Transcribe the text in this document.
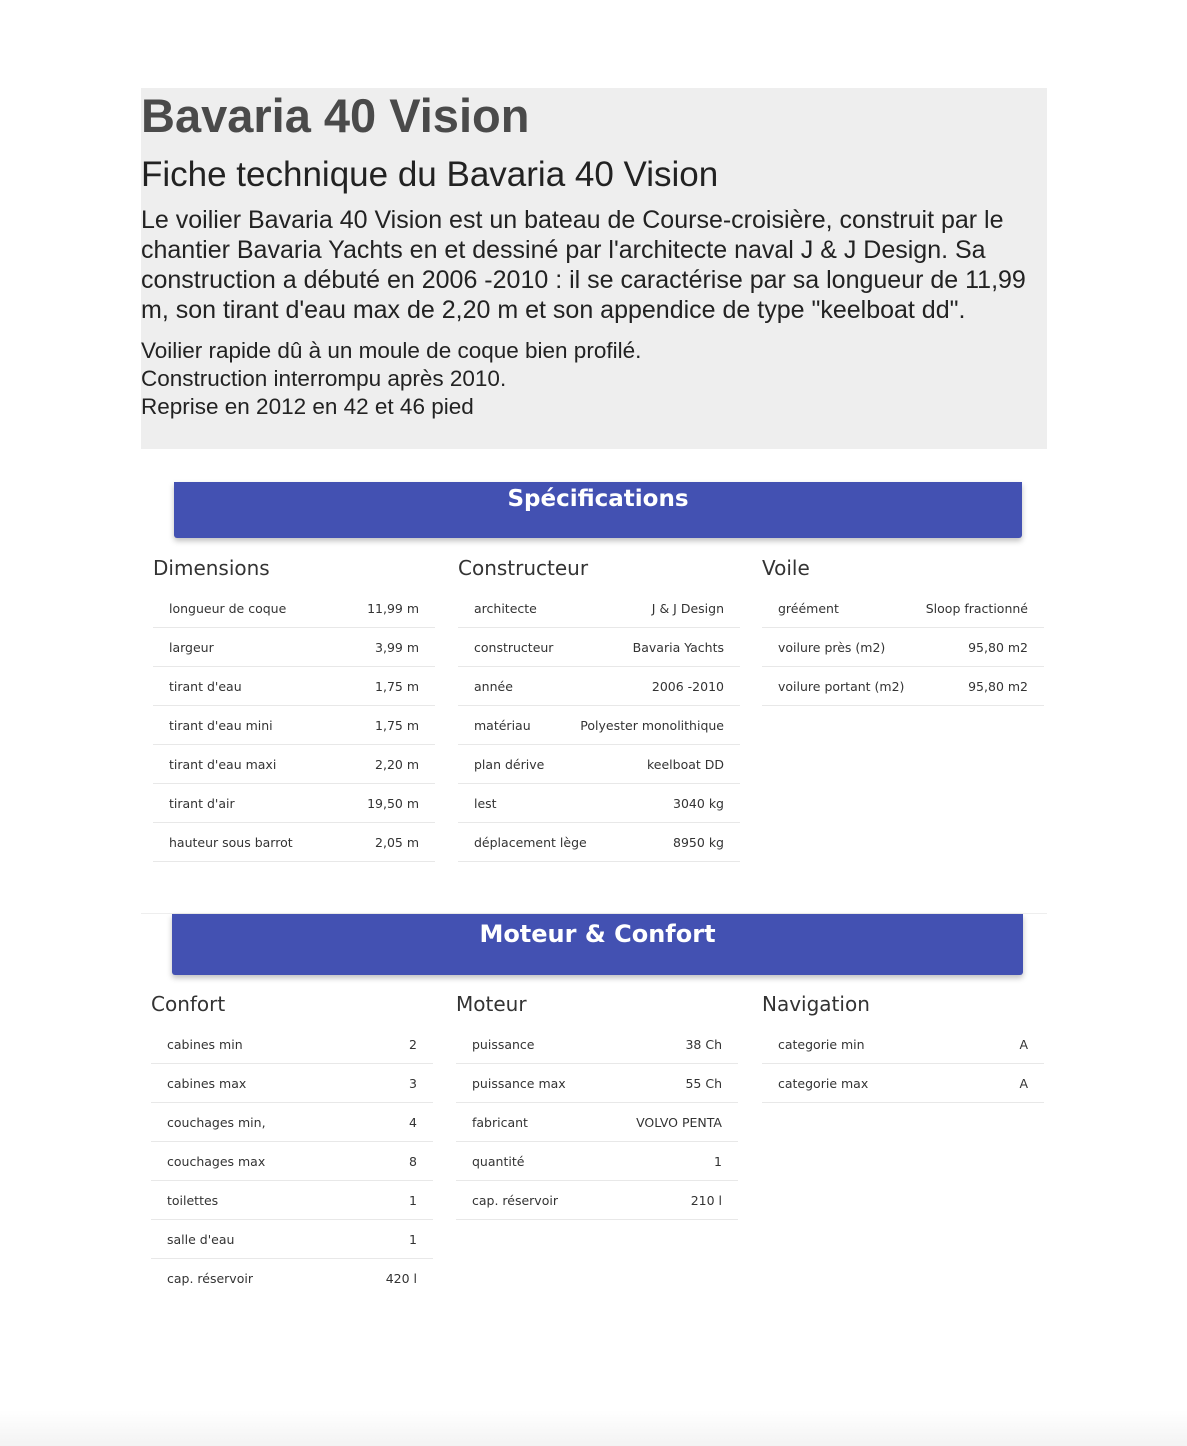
Bavaria 40 Vision
Fiche technique du Bavaria 40 Vision

Le voilier Bavaria 40 Vision est un bateau de Course-croisière, construit par le chantier Bavaria Yachts en et dessiné par l'architecte naval J & J Design. Sa construction a débuté en 2006 -2010 : il se caractérise par sa longueur de 11,99 m, son tirant d'eau max de 2,20 m et son appendice de type "keelboat dd".

Voilier rapide dû à un moule de coque bien profilé.
Construction interrompu après 2010.
Reprise en 2012 en 42 et 46 pied
Spécifications
Dimensions
longueur de coque	11,99 m
largeur	3,99 m
tirant d'eau	1,75 m
tirant d'eau mini	1,75 m
tirant d'eau maxi	2,20 m
tirant d'air	19,50 m
hauteur sous barrot	2,05 m
Constructeur
architecte	J & J Design
constructeur	Bavaria Yachts
année	2006 -2010
matériau	Polyester monolithique
plan dérive	keelboat DD
lest	3040 kg
déplacement lège	8950 kg
Voile
gréément	Sloop fractionné
voilure près (m2)	95,80 m2
voilure portant (m2)	95,80 m2
Moteur & Confort
Confort
cabines min	2
cabines max	3
couchages min,	4
couchages max	8
toilettes	1
salle d'eau	1
cap. réservoir	420 l
Moteur
puissance	38 Ch
puissance max	55 Ch
fabricant	VOLVO PENTA
quantité	1
cap. réservoir	210 l
Navigation
categorie min	A
categorie max	A
